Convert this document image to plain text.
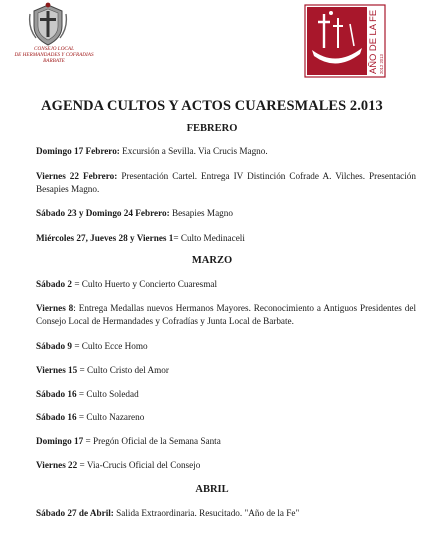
CONSEJO LOCAL
DE HERMANDADES Y COFRADIAS
BARBATE	AÑO DE LA FE 2012 2013
AGENDA CULTOS Y ACTOS CUARESMALES 2.013
FEBRERO
Domingo 17 Febrero: Excursión a Sevilla. Via Crucis Magno.
Viernes 22 Febrero: Presentación Cartel. Entrega IV Distinción Cofrade A. Vilches. Presentación Besapies Magno.
Sábado 23 y Domingo 24 Febrero: Besapies Magno
Miércoles 27, Jueves 28 y Viernes 1= Culto Medinaceli
MARZO
Sábado 2 = Culto Huerto y Concierto Cuaresmal
Viernes 8: Entrega Medallas nuevos Hermanos Mayores. Reconocimiento a Antiguos Presidentes del Consejo Local de Hermandades y Cofradías y Junta Local de Barbate.
Sábado 9 = Culto Ecce Homo
Viernes 15 = Culto Cristo del Amor
Sábado 16 = Culto Soledad
Sábado 16 = Culto Nazareno
Domingo 17 = Pregón Oficial de la Semana Santa
Viernes 22 = Via-Crucis Oficial del Consejo
ABRIL
Sábado 27 de Abril: Salida Extraordinaria. Resucitado. "Año de la Fe"
